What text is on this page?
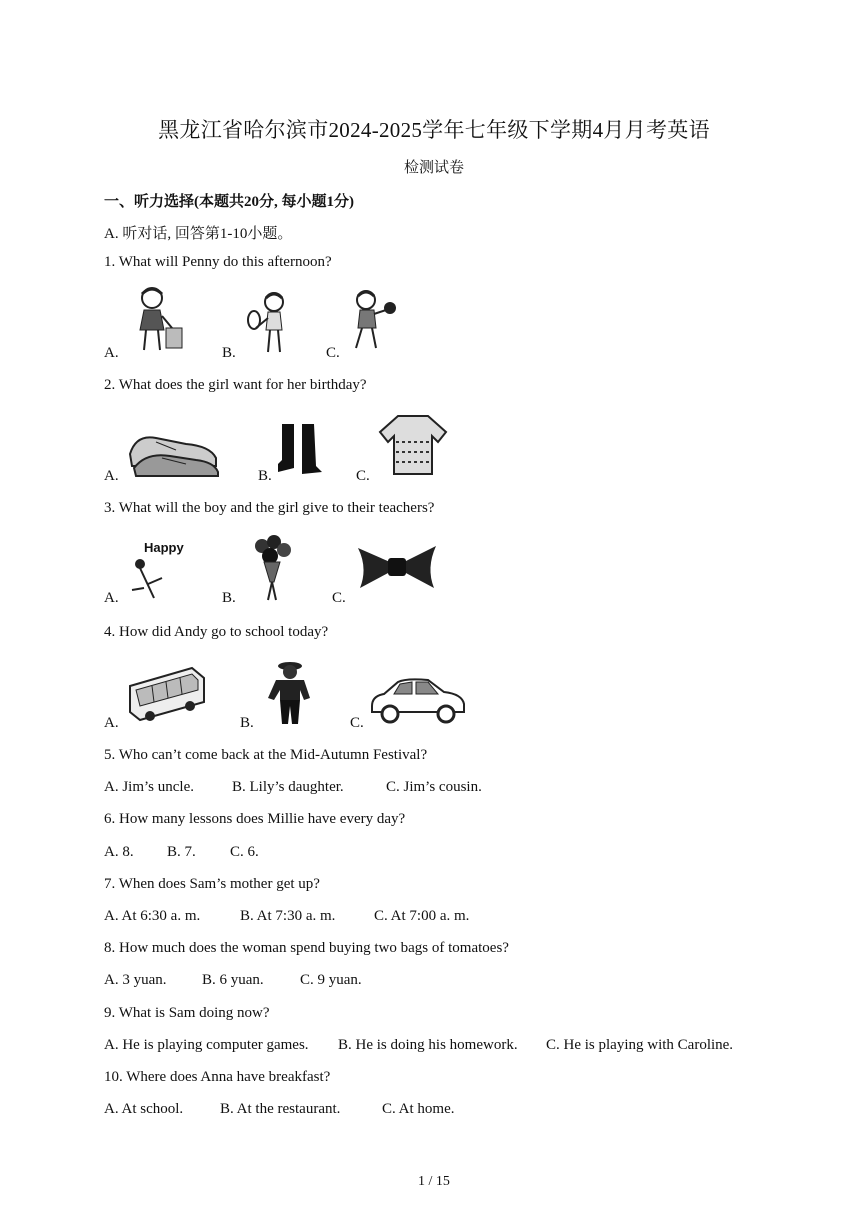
黑龙江省哈尔滨市2024-2025学年七年级下学期4月月考英语
检测试卷
一、听力选择(本题共20分, 每小题1分)
A. 听对话, 回答第1-10小题。
1. What will Penny do this afternoon?
A.	B.	C.
2. What does the girl want for her birthday?
A.	B.	C.
3. What will the boy and the girl give to their teachers?
A.	B.	C.
Happy
4. How did Andy go to school today?
A.	B.	C.
5. Who can’t come back at the Mid-Autumn Festival?
A. Jim’s uncle.	B. Lily’s daughter.	C. Jim’s cousin.
6. How many lessons does Millie have every day?
A. 8. B. 7. C. 6.
7. When does Sam’s mother get up?
A. At 6:30 a. m.	B. At 7:30 a. m.	C. At 7:00 a. m.
8. How much does the woman spend buying two bags of tomatoes?
A. 3 yuan. B. 6 yuan. C. 9 yuan.
9. What is Sam doing now?
A. He is playing computer games. B. He is doing his homework. C. He is playing with Caroline.
10. Where does Anna have breakfast?
A. At school. B. At the restaurant.	C. At home.
1 / 15
